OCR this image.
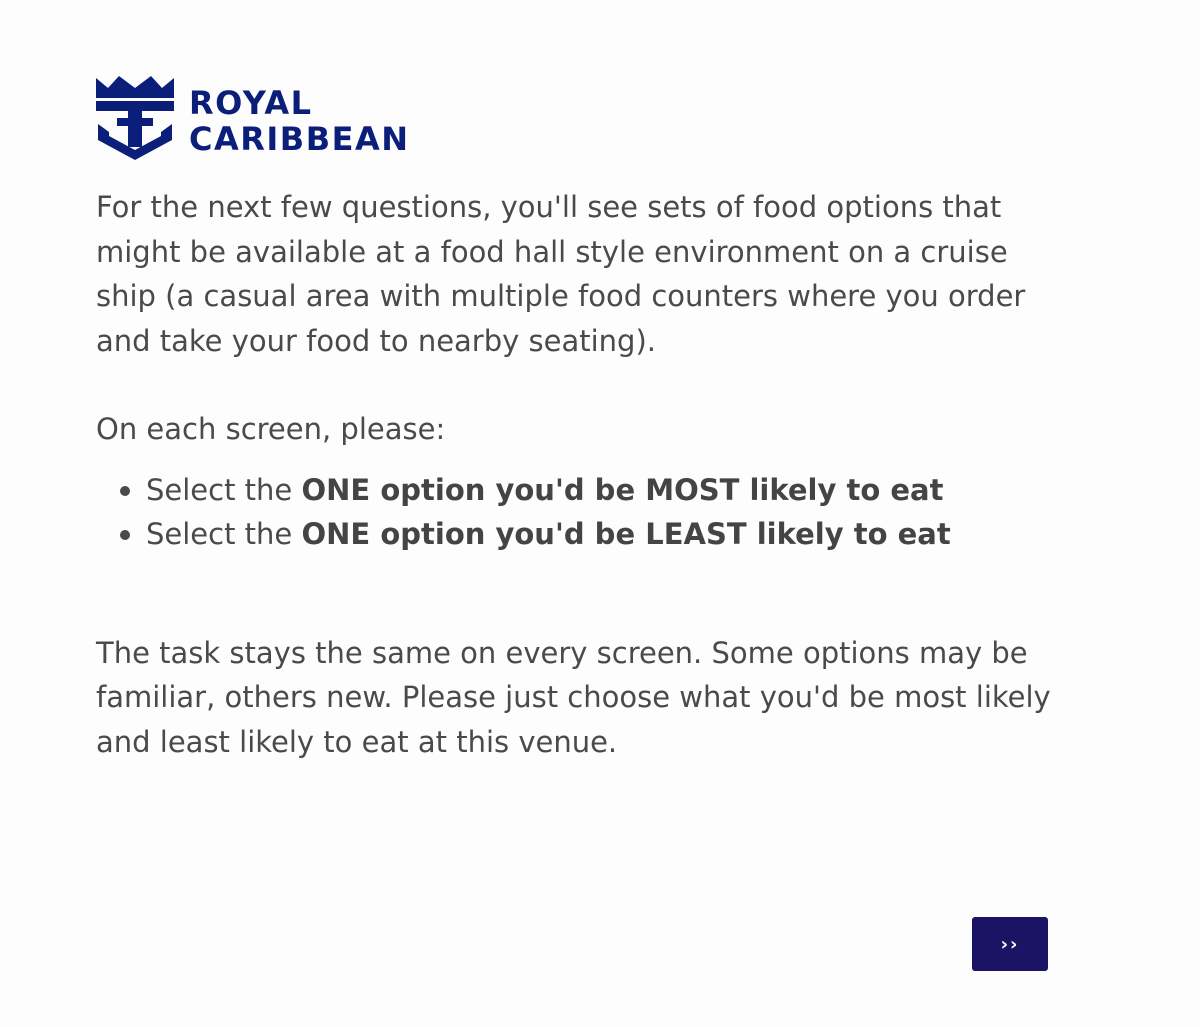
ROYAL
CARIBBEAN

For the next few questions, you'll see sets of food options that might be available at a food hall style environment on a cruise ship (a casual area with multiple food counters where you order and take your food to nearby seating).

On each screen, please:

Select the ONE option you'd be MOST likely to eat
Select the ONE option you'd be LEAST likely to eat

The task stays the same on every screen. Some options may be familiar, others new. Please just choose what you'd be most likely and least likely to eat at this venue.

››
